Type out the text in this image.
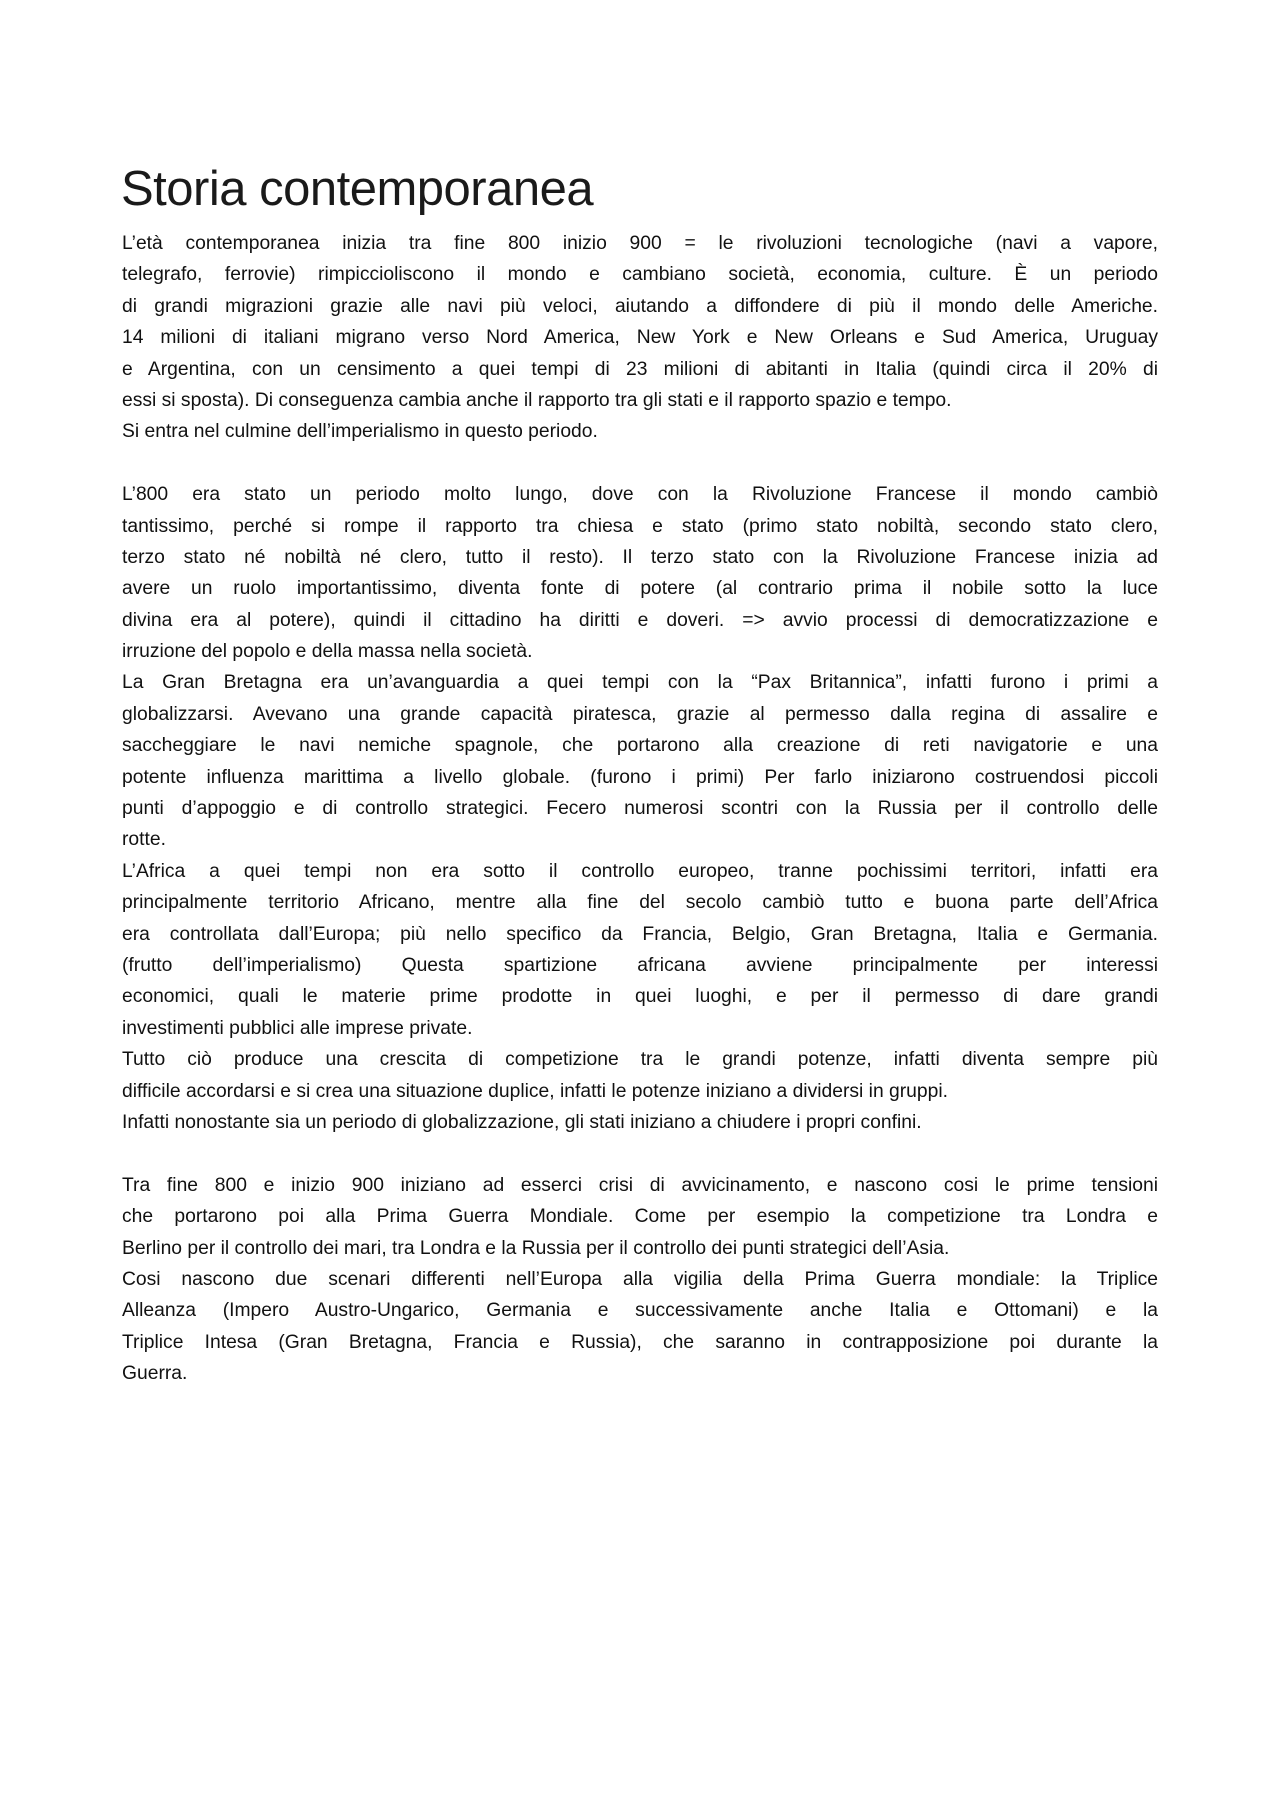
Storia contemporanea
L’età contemporanea inizia tra fine 800 inizio 900 = le rivoluzioni tecnologiche (navi a vapore,
telegrafo, ferrovie) rimpiccioliscono il mondo e cambiano società, economia, culture. È un periodo
di grandi migrazioni grazie alle navi più veloci, aiutando a diffondere di più il mondo delle Americhe.
14 milioni di italiani migrano verso Nord America, New York e New Orleans e Sud America, Uruguay
e Argentina, con un censimento a quei tempi di 23 milioni di abitanti in Italia (quindi circa il 20% di
essi si sposta). Di conseguenza cambia anche il rapporto tra gli stati e il rapporto spazio e tempo.
Si entra nel culmine dell’imperialismo in questo periodo.
L’800 era stato un periodo molto lungo, dove con la Rivoluzione Francese il mondo cambiò
tantissimo, perché si rompe il rapporto tra chiesa e stato (primo stato nobiltà, secondo stato clero,
terzo stato né nobiltà né clero, tutto il resto). Il terzo stato con la Rivoluzione Francese inizia ad
avere un ruolo importantissimo, diventa fonte di potere (al contrario prima il nobile sotto la luce
divina era al potere), quindi il cittadino ha diritti e doveri. => avvio processi di democratizzazione e
irruzione del popolo e della massa nella società.
La Gran Bretagna era un’avanguardia a quei tempi con la “Pax Britannica”, infatti furono i primi a
globalizzarsi. Avevano una grande capacità piratesca, grazie al permesso dalla regina di assalire e
saccheggiare le navi nemiche spagnole, che portarono alla creazione di reti navigatorie e una
potente influenza marittima a livello globale. (furono i primi) Per farlo iniziarono costruendosi piccoli
punti d’appoggio e di controllo strategici. Fecero numerosi scontri con la Russia per il controllo delle
rotte.
L’Africa a quei tempi non era sotto il controllo europeo, tranne pochissimi territori, infatti era
principalmente territorio Africano, mentre alla fine del secolo cambiò tutto e buona parte dell’Africa
era controllata dall’Europa; più nello specifico da Francia, Belgio, Gran Bretagna, Italia e Germania.
(frutto dell’imperialismo) Questa spartizione africana avviene principalmente per interessi
economici, quali le materie prime prodotte in quei luoghi, e per il permesso di dare grandi
investimenti pubblici alle imprese private.
Tutto ciò produce una crescita di competizione tra le grandi potenze, infatti diventa sempre più
difficile accordarsi e si crea una situazione duplice, infatti le potenze iniziano a dividersi in gruppi.
Infatti nonostante sia un periodo di globalizzazione, gli stati iniziano a chiudere i propri confini.
Tra fine 800 e inizio 900 iniziano ad esserci crisi di avvicinamento, e nascono cosi le prime tensioni
che portarono poi alla Prima Guerra Mondiale. Come per esempio la competizione tra Londra e
Berlino per il controllo dei mari, tra Londra e la Russia per il controllo dei punti strategici dell’Asia.
Cosi nascono due scenari differenti nell’Europa alla vigilia della Prima Guerra mondiale: la Triplice
Alleanza (Impero Austro-Ungarico, Germania e successivamente anche Italia e Ottomani) e la
Triplice Intesa (Gran Bretagna, Francia e Russia), che saranno in contrapposizione poi durante la
Guerra.
